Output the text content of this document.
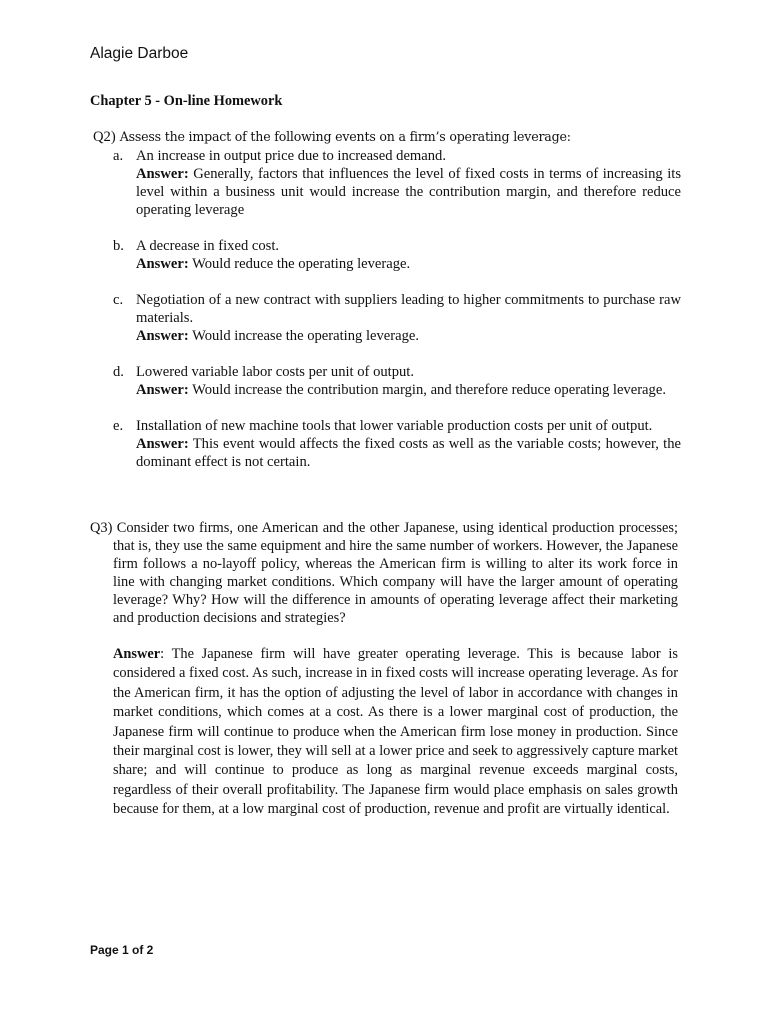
Alagie Darboe
Chapter 5 - On-line Homework
Q2) Assess the impact of the following events on a firm’s operating leverage:
a. An increase in output price due to increased demand.

Answer: Generally, factors that influences the level of fixed costs in terms of increasing its level within a business unit would increase the contribution margin, and therefore reduce operating leverage

b. A decrease in fixed cost.

Answer: Would reduce the operating leverage.

c. Negotiation of a new contract with suppliers leading to higher commitments to purchase raw materials.

Answer: Would increase the operating leverage.

d. Lowered variable labor costs per unit of output.

Answer: Would increase the contribution margin, and therefore reduce operating leverage.

e. Installation of new machine tools that lower variable production costs per unit of output.

Answer: This event would affects the fixed costs as well as the variable costs; however, the dominant effect is not certain.

Q3) Consider two firms, one American and the other Japanese, using identical production processes; that is, they use the same equipment and hire the same number of workers. However, the Japanese firm follows a no-layoff policy, whereas the American firm is willing to alter its work force in line with changing market conditions. Which company will have the larger amount of operating leverage? Why? How will the difference in amounts of operating leverage affect their marketing and production decisions and strategies?

Answer: The Japanese firm will have greater operating leverage. This is because labor is considered a fixed cost. As such, increase in in fixed costs will increase operating leverage. As for the American firm, it has the option of adjusting the level of labor in accordance with changes in market conditions, which comes at a cost. As there is a lower marginal cost of production, the Japanese firm will continue to produce when the American firm lose money in production. Since their marginal cost is lower, they will sell at a lower price and seek to aggressively capture market share; and will continue to produce as long as marginal revenue exceeds marginal costs, regardless of their overall profitability. The Japanese firm would place emphasis on sales growth because for them, at a low marginal cost of production, revenue and profit are virtually identical.

Page 1 of 2
